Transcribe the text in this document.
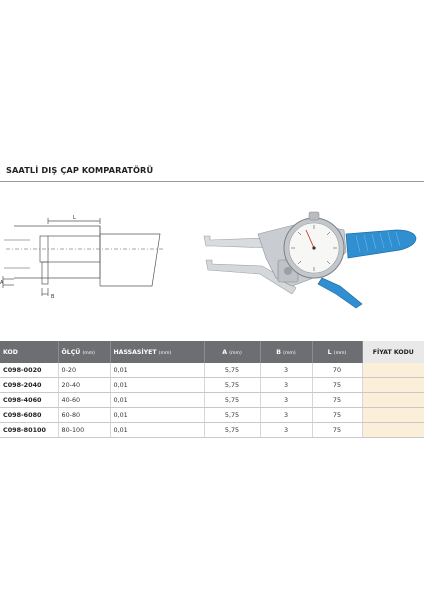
SAATLİ DIŞ ÇAP KOMPARATÖRÜ
L
A
B
KOD	ÖLÇÜ (mm)	HASSASİYET (mm)	A (mm)	B (mm)	L (mm)	FİYAT KODU
C098-0020	0-20	0,01	5,75	3	70	
C098-2040	20-40	0,01	5,75	3	75	
C098-4060	40-60	0,01	5,75	3	75	
C098-6080	60-80	0,01	5,75	3	75	
C098-80100	80-100	0,01	5,75	3	75	
